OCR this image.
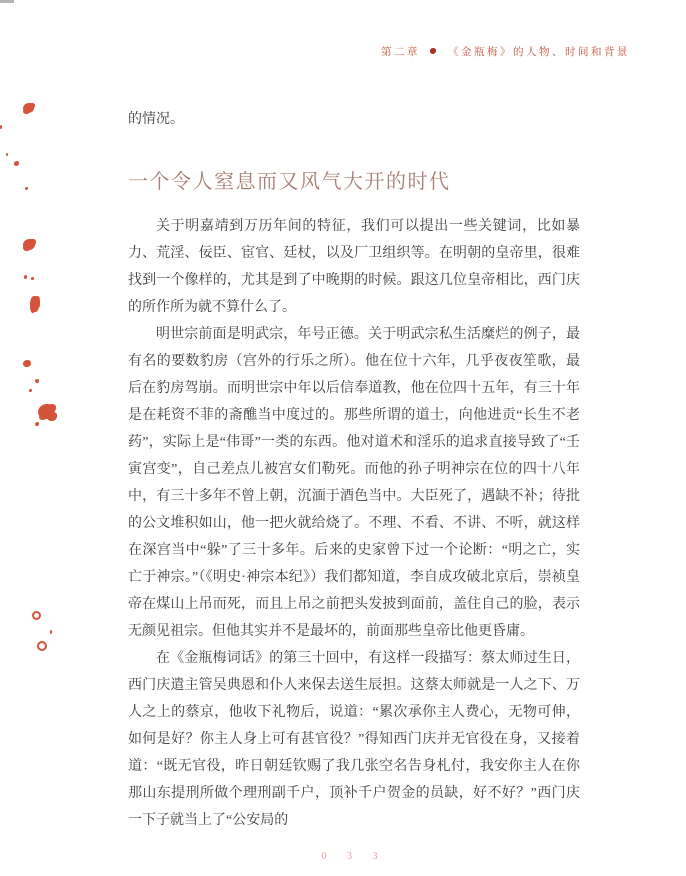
第二章	《金瓶梅》的人物、时间和背景

的情况。

一个令人窒息而又风气大开的时代

关于明嘉靖到万历年间的特征，我们可以提出一些关键词，比如暴力、荒淫、佞臣、宦官、廷杖，以及厂卫组织等。在明朝的皇帝里，很难找到一个像样的，尤其是到了中晚期的时候。跟这几位皇帝相比，西门庆的所作所为就不算什么了。

明世宗前面是明武宗，年号正德。关于明武宗私生活糜烂的例子，最有名的要数豹房（宫外的行乐之所）。他在位十六年，几乎夜夜笙歌，最后在豹房驾崩。而明世宗中年以后信奉道教，他在位四十五年，有三十年是在耗资不菲的斋醮当中度过的。那些所谓的道士，向他进贡“长生不老药”，实际上是“伟哥”一类的东西。他对道术和淫乐的追求直接导致了“壬寅宫变”，自己差点儿被宫女们勒死。而他的孙子明神宗在位的四十八年中，有三十多年不曾上朝，沉湎于酒色当中。大臣死了，遇缺不补；待批的公文堆积如山，他一把火就给烧了。不理、不看、不讲、不听，就这样在深宫当中“躲”了三十多年。后来的史家曾下过一个论断：“明之亡，实亡于神宗。”（《明史·神宗本纪》）我们都知道，李自成攻破北京后，崇祯皇帝在煤山上吊而死，而且上吊之前把头发披到面前，盖住自己的脸，表示无颜见祖宗。但他其实并不是最坏的，前面那些皇帝比他更昏庸。

在《金瓶梅词话》的第三十回中，有这样一段描写：蔡太师过生日，西门庆遣主管吴典恩和仆人来保去送生辰担。这蔡太师就是一人之下、万人之上的蔡京，他收下礼物后，说道：“累次承你主人费心，无物可伸，如何是好？你主人身上可有甚官役？”得知西门庆并无官役在身，又接着道：“既无官役，昨日朝廷钦赐了我几张空名告身札付，我安你主人在你那山东提刑所做个理刑副千户，顶补千户贺金的员缺，好不好？”西门庆一下子就当上了“公安局的

0 3 3
